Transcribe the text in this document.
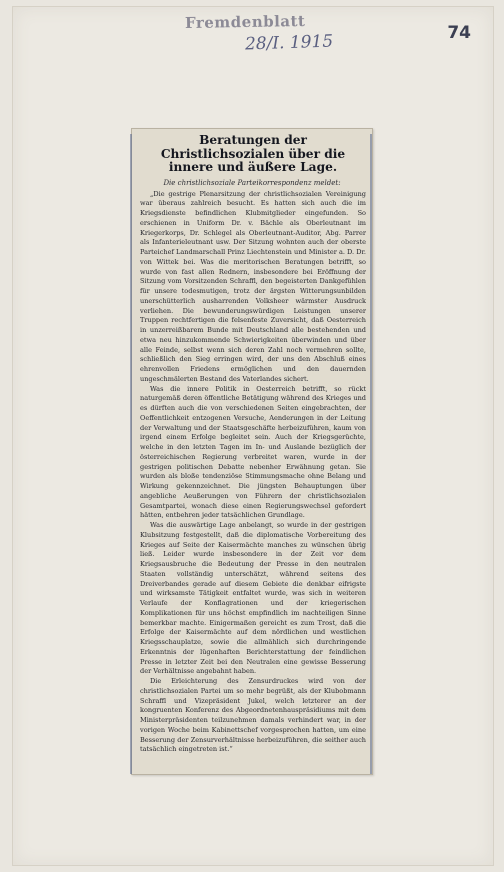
Fremdenblatt
28/I. 1915	74
Beratungen der Christlichsozialen über die innere und äußere Lage.
Die christlichsoziale Parteikorrespondenz meldet:

„Die gestrige Plenarsitzung der christlichsozialen Vereinigung war überaus zahlreich besucht. Es hatten sich auch die im Kriegsdienste befindlichen Klubmitglieder eingefunden. So erschienen in Uniform Dr. v. Bächle als Oberleutnant im Kriegerkorps, Dr. Schlegel als Oberleutnant-Auditor, Abg. Parrer als Infanterieleutnant usw. Der Sitzung wohnten auch der oberste Parteichef Landmarschall Prinz Liechtenstein und Minister a. D. Dr. von Wittek bei. Was die meritorischen Beratungen betrifft, so wurde von fast allen Rednern, insbesondere bei Eröffnung der Sitzung vom Vorsitzenden Schraffl, den begeisterten Dankgefühlen für unsere todesmutigen, trotz der ärgsten Witterungsunbilden unerschütterlich ausharrenden Volksheer wärmster Ausdruck verliehen. Die bewunderungswürdigen Leistungen unserer Truppen rechtfertigen die felsenfeste Zuversicht, daß Oesterreich in unzerreißbarem Bunde mit Deutschland alle bestehenden und etwa neu hinzukommende Schwierigkeiten überwinden und über alle Feinde, selbst wenn sich deren Zahl noch vermehren sollte, schließlich den Sieg erringen wird, der uns den Abschluß eines ehrenvollen Friedens ermöglichen und den dauernden ungeschmälerten Bestand des Vaterlandes sichert.

Was die innere Politik in Oesterreich betrifft, so rückt naturgemäß deren öffentliche Betätigung während des Krieges und es dürften auch die von verschiedenen Seiten eingebrachten, der Oeffentlichkeit entzogenen Versuche, Aenderungen in der Leitung der Verwaltung und der Staatsgeschäfte herbeizuführen, kaum von irgend einem Erfolge begleitet sein. Auch der Kriegsgerüchte, welche in den letzten Tagen im In- und Auslande bezüglich der österreichischen Regierung verbreitet waren, wurde in der gestrigen politischen Debatte nebenher Erwähnung getan. Sie wurden als bloße tendenziöse Stimmungsmache ohne Belang und Wirkung gekennzeichnet. Die jüngsten Behauptungen über angebliche Aeußerungen von Führern der christlichsozialen Gesamtpartei, wonach diese einen Regierungswechsel gefordert hätten, entbehren jeder tatsächlichen Grundlage.

Was die auswärtige Lage anbelangt, so wurde in der gestrigen Klubsitzung festgestellt, daß die diplomatische Vorbereitung des Krieges auf Seite der Kaisermächte manches zu wünschen übrig ließ. Leider wurde insbesondere in der Zeit vor dem Kriegsausbruche die Bedeutung der Presse in den neutralen Staaten vollständig unterschätzt, während seitens des Dreiverbandes gerade auf diesem Gebiete die denkbar eifrigste und wirksamste Tätigkeit entfaltet wurde, was sich in weiteren Verlaufe der Konflagrationen und der kriegerischen Komplikationen für uns höchst empfindlich im nachteiligen Sinne bemerkbar machte. Einigermaßen gereicht es zum Trost, daß die Erfolge der Kaisermächte auf dem nördlichen und westlichen Kriegsschauplatze, sowie die allmählich sich durchringende Erkenntnis der lügenhaften Berichterstattung der feindlichen Presse in letzter Zeit bei den Neutralen eine gewisse Besserung der Verhältnisse angebahnt haben.

Die Erleichterung des Zensurdruckes wird von der christlichsozialen Partei um so mehr begrüßt, als der Klubobmann Schraffl und Vizepräsident Jukel, welch letzterer an der kongruenten Konferenz des Abgeordnetenhauspräsidiums mit dem Ministerpräsidenten teilzunehmen damals verhindert war, in der vorigen Woche beim Kabinettschef vorgesprochen hatten, um eine Besserung der Zensurverhältnisse herbeizuführen, die seither auch tatsächlich eingetreten ist.“
